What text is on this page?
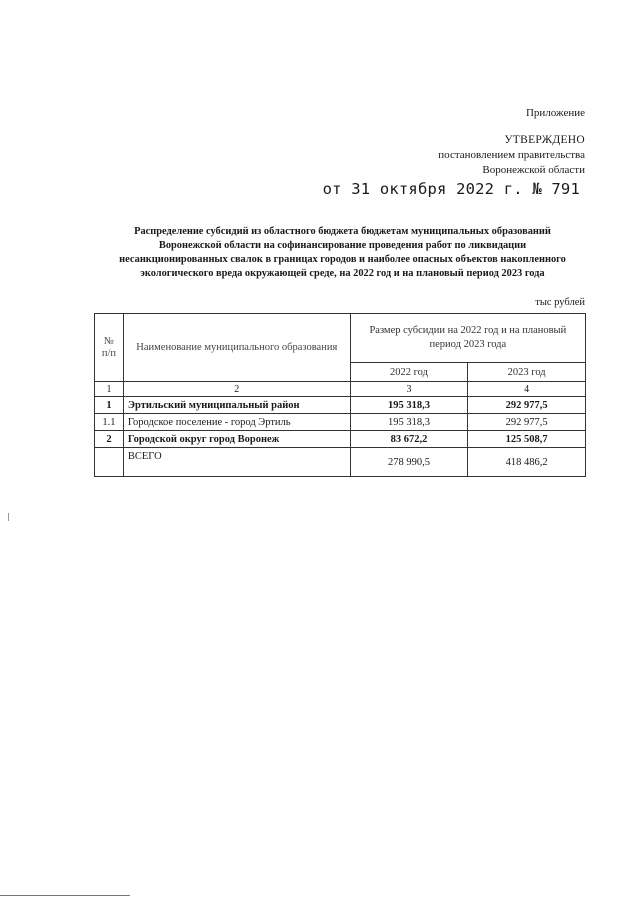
Приложение
УТВЕРЖДЕНО
постановлением правительства
Воронежской области
от 31 октября 2022 г. № 791
Распределение субсидий из областного бюджета бюджетам муниципальных образований
Воронежской области на софинансирование проведения работ по ликвидации
несанкционированных свалок в границах городов и наиболее опасных объектов накопленного
экологического вреда окружающей среде, на 2022 год и на плановый период 2023 года
тыс рублей
№ п/п	Наименование муниципального образования	Размер субсидии на 2022 год и на плановый период 2023 года	
		2022 год	2023 год
1	2	3	4
1	Эртильский муниципальный район	195 318,3	292 977,5
1.1	Городское поселение - город Эртиль	195 318,3	292 977,5
2	Городской округ город Воронеж	83 672,2	125 508,7
	ВСЕГО	278 990,5	418 486,2
